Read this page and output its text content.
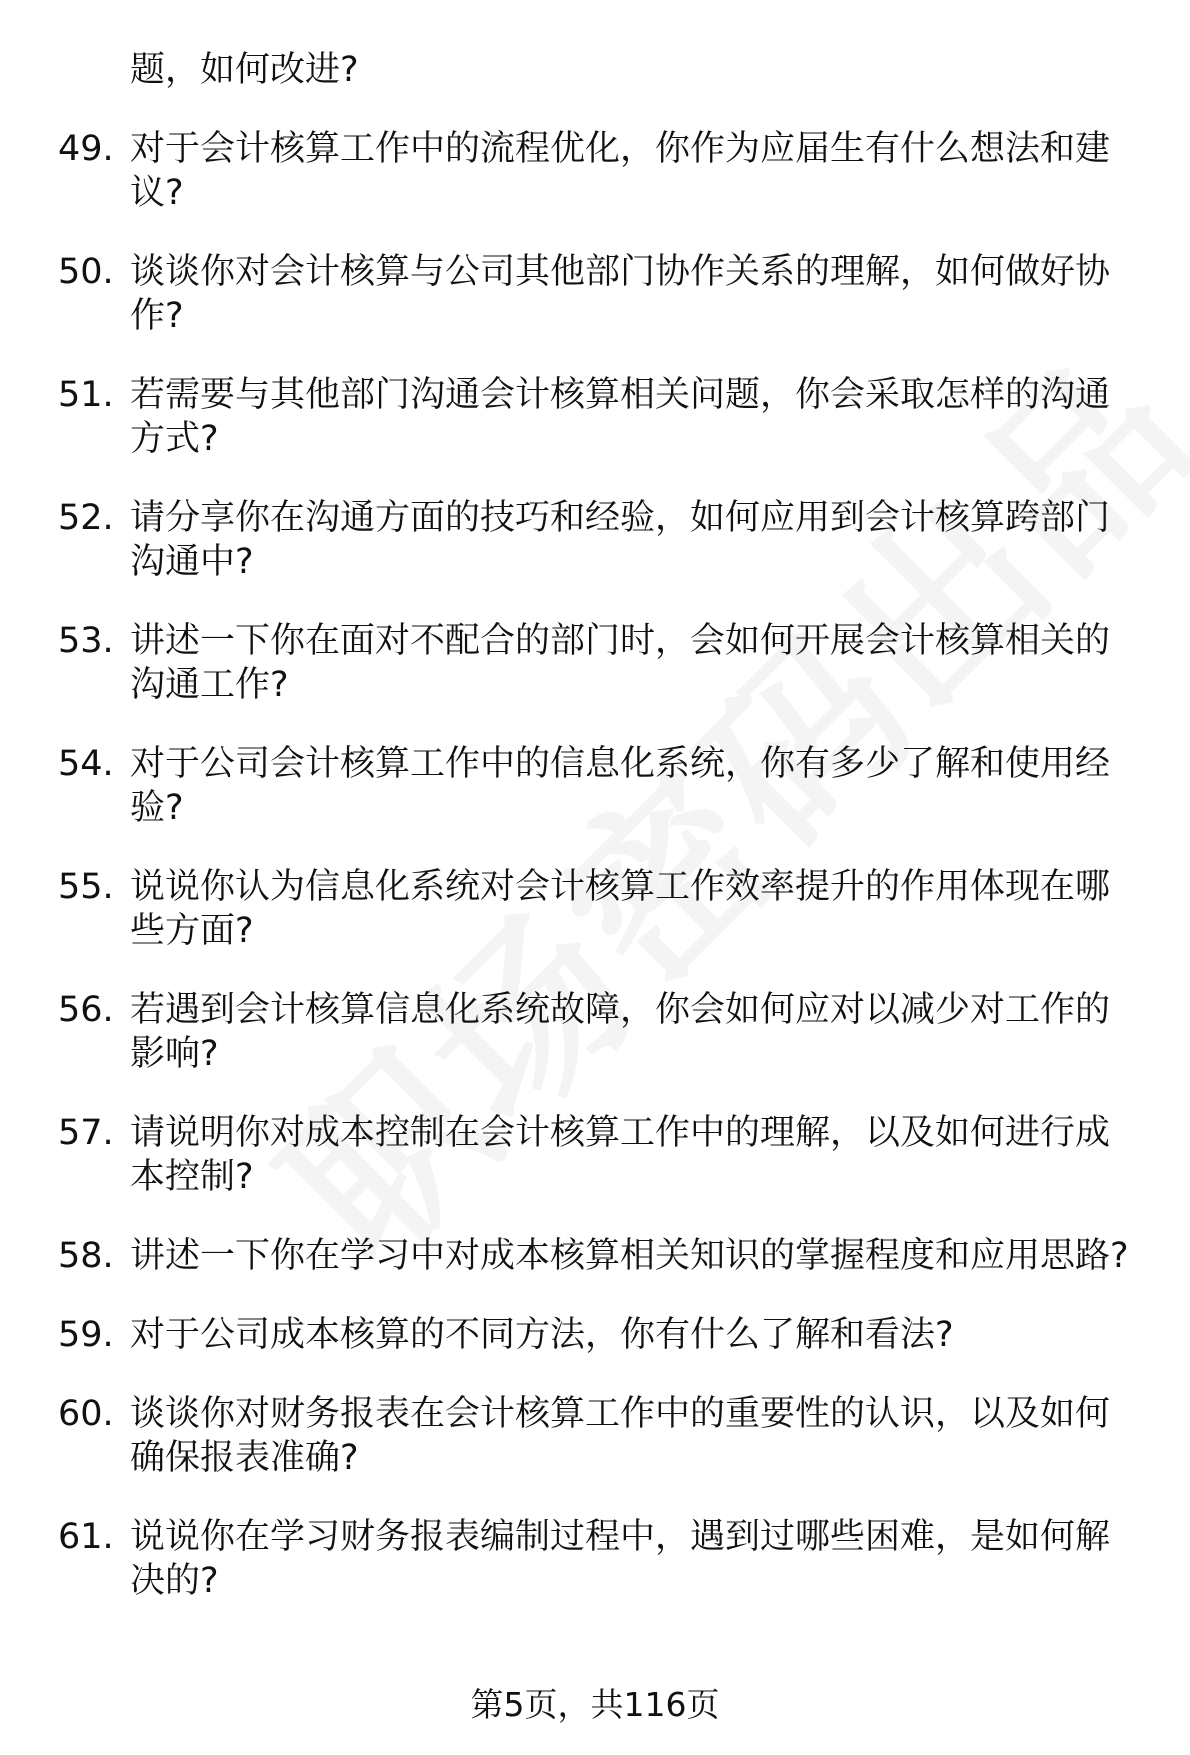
题，如何改进?
49. 对于会计核算工作中的流程优化，你作为应届生有什么想法和建议?
50. 谈谈你对会计核算与公司其他部门协作关系的理解，如何做好协作?
51. 若需要与其他部门沟通会计核算相关问题，你会采取怎样的沟通方式?
52. 请分享你在沟通方面的技巧和经验，如何应用到会计核算跨部门沟通中?
53. 讲述一下你在面对不配合的部门时，会如何开展会计核算相关的沟通工作?
54. 对于公司会计核算工作中的信息化系统，你有多少了解和使用经验?
55. 说说你认为信息化系统对会计核算工作效率提升的作用体现在哪些方面?
56. 若遇到会计核算信息化系统故障，你会如何应对以减少对工作的影响?
57. 请说明你对成本控制在会计核算工作中的理解，以及如何进行成本控制?
58. 讲述一下你在学习中对成本核算相关知识的掌握程度和应用思路?
59. 对于公司成本核算的不同方法，你有什么了解和看法?
60. 谈谈你对财务报表在会计核算工作中的重要性的认识，以及如何确保报表准确?
61. 说说你在学习财务报表编制过程中，遇到过哪些困难，是如何解决的?
第5页，共116页
